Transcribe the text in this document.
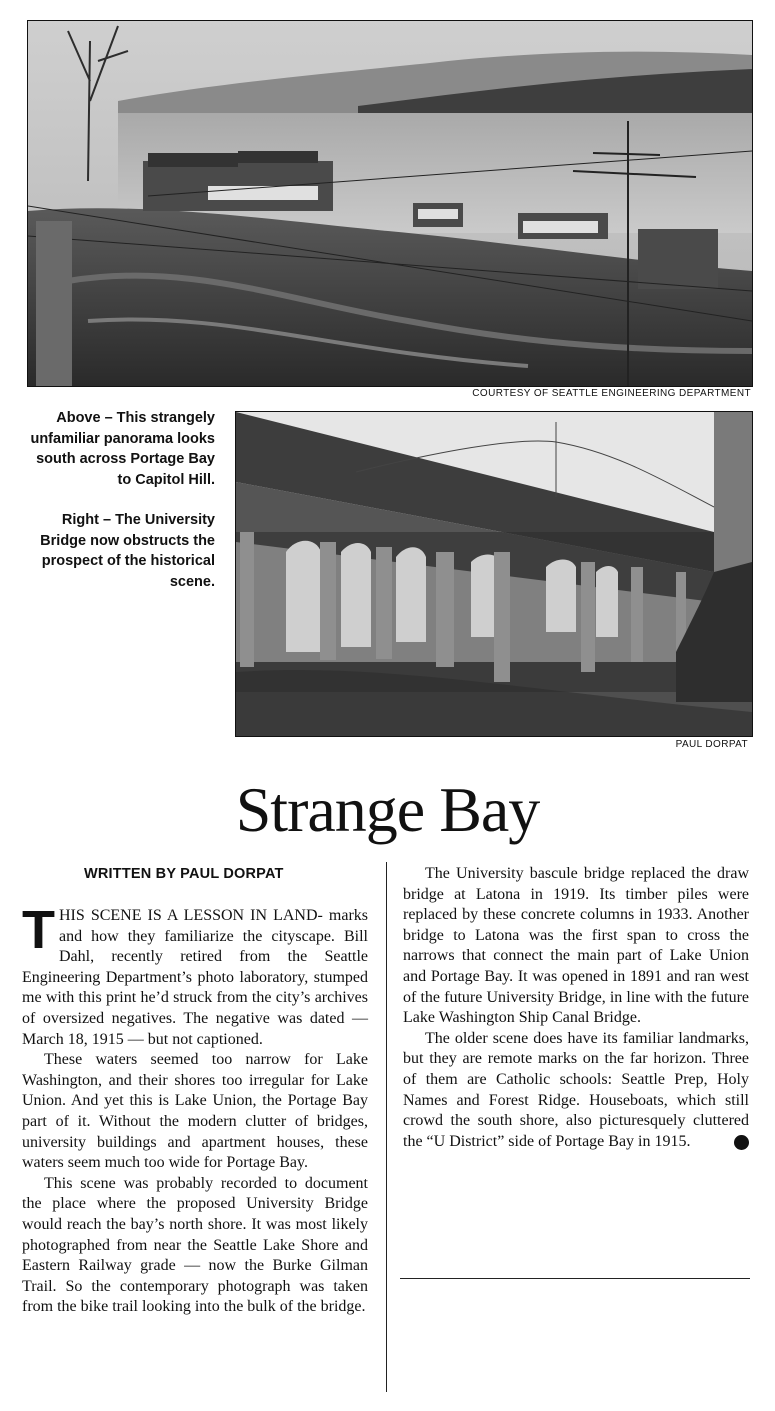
COURTESY OF SEATTLE ENGINEERING DEPARTMENT

Above – This strangely unfamiliar panorama looks south across Portage Bay to Capitol Hill.

Right – The University Bridge now obstructs the prospect of the historical scene.

PAUL DORPAT
Strange Bay
WRITTEN BY PAUL DORPAT

THIS SCENE IS A LESSON IN LAND- marks and how they familiarize the cityscape. Bill Dahl, recently retired from the Seattle Engineering Department’s photo laboratory, stumped me with this print he’d struck from the city’s archives of oversized negatives. The negative was dated — March 18, 1915 — but not captioned.

These waters seemed too narrow for Lake Washington, and their shores too irregular for Lake Union. And yet this is Lake Union, the Portage Bay part of it. Without the modern clutter of bridges, university buildings and apartment houses, these waters seem much too wide for Portage Bay.

This scene was probably recorded to document the place where the proposed University Bridge would reach the bay’s north shore. It was most likely photographed from near the Seattle Lake Shore and Eastern Railway grade — now the Burke Gilman Trail. So the contemporary photograph was taken from the bike trail looking into the bulk of the bridge.

The University bascule bridge replaced the draw bridge at Latona in 1919. Its timber piles were replaced by these concrete columns in 1933. Another bridge to Latona was the first span to cross the narrows that connect the main part of Lake Union and Portage Bay. It was opened in 1891 and ran west of the future University Bridge, in line with the future Lake Washington Ship Canal Bridge.

The older scene does have its familiar landmarks, but they are remote marks on the far horizon. Three of them are Catholic schools: Seattle Prep, Holy Names and Forest Ridge. Houseboats, which still crowd the south shore, also picturesquely cluttered the “U District” side of Portage Bay in 1915.	P
